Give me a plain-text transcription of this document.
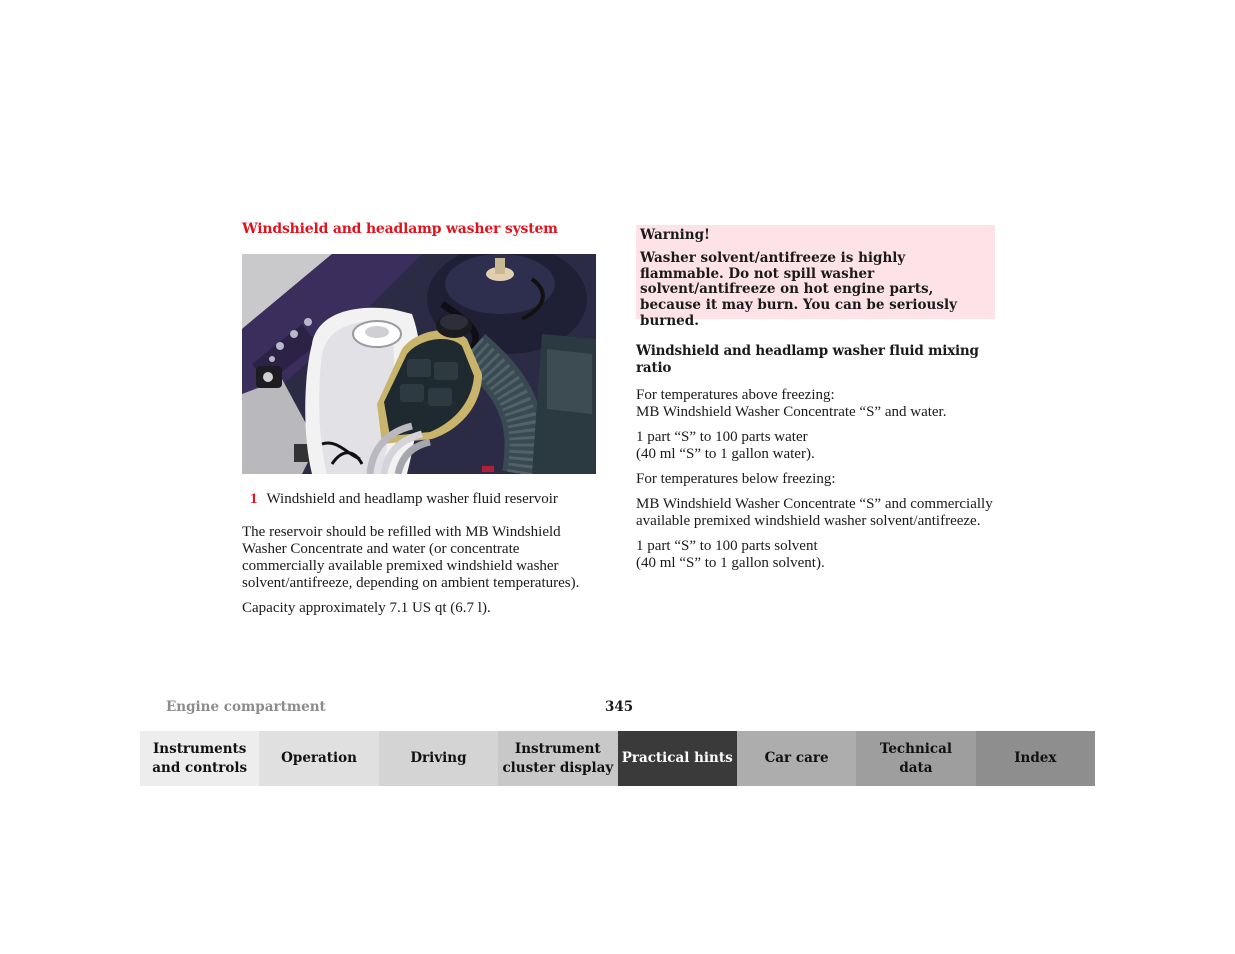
Windshield and headlamp washer system
1 Windshield and headlamp washer fluid reservoir

The reservoir should be refilled with MB Windshield Washer Concentrate and water (or concentrate commercially available premixed windshield washer solvent/antifreeze, depending on ambient temperatures).

Capacity approximately 7.1 US qt (6.7 l).

Warning!
Washer solvent/antifreeze is highly flammable. Do not spill washer solvent/antifreeze on hot engine parts, because it may burn. You can be seriously burned.
Windshield and headlamp washer fluid mixing ratio

For temperatures above freezing:
MB Windshield Washer Concentrate “S” and water.

1 part “S” to 100 parts water
(40 ml “S” to 1 gallon water).

For temperatures below freezing:

MB Windshield Washer Concentrate “S” and commercially available premixed windshield washer solvent/antifreeze.

1 part “S” to 100 parts solvent
(40 ml “S” to 1 gallon solvent).

Engine compartment	345
Instruments
and controls
Operation	Driving
Instrument
cluster display
Practical hints	Car care
Technical
data
Index
